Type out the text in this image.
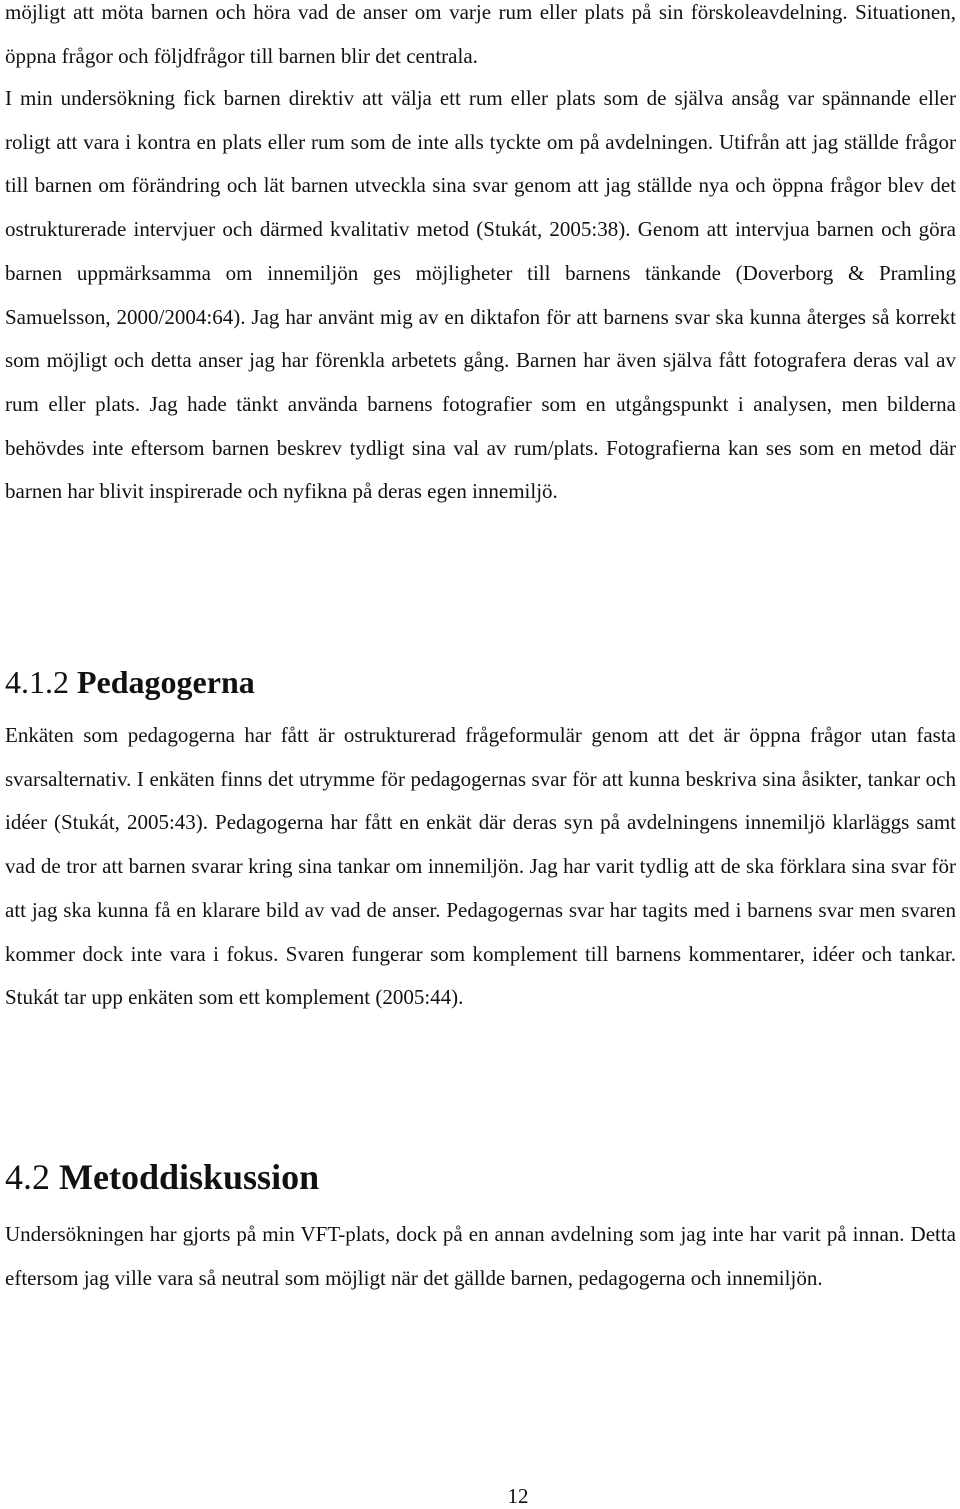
möjligt att möta barnen och höra vad de anser om varje rum eller plats på sin förskoleavdelning. Situationen, öppna frågor och följdfrågor till barnen blir det centrala.

I min undersökning fick barnen direktiv att välja ett rum eller plats som de själva ansåg var spännande eller roligt att vara i kontra en plats eller rum som de inte alls tyckte om på avdelningen. Utifrån att jag ställde frågor till barnen om förändring och lät barnen utveckla sina svar genom att jag ställde nya och öppna frågor blev det ostrukturerade intervjuer och därmed kvalitativ metod (Stukát, 2005:38). Genom att intervjua barnen och göra barnen uppmärksamma om innemiljön ges möjligheter till barnens tänkande (Doverborg & Pramling Samuelsson, 2000/2004:64). Jag har använt mig av en diktafon för att barnens svar ska kunna återges så korrekt som möjligt och detta anser jag har förenkla arbetets gång. Barnen har även själva fått fotografera deras val av rum eller plats. Jag hade tänkt använda barnens fotografier som en utgångspunkt i analysen, men bilderna behövdes inte eftersom barnen beskrev tydligt sina val av rum/plats. Fotografierna kan ses som en metod där barnen har blivit inspirerade och nyfikna på deras egen innemiljö.

4.1.2 Pedagogerna

Enkäten som pedagogerna har fått är ostrukturerad frågeformulär genom att det är öppna frågor utan fasta svarsalternativ. I enkäten finns det utrymme för pedagogernas svar för att kunna beskriva sina åsikter, tankar och idéer (Stukát, 2005:43). Pedagogerna har fått en enkät där deras syn på avdelningens innemiljö klarläggs samt vad de tror att barnen svarar kring sina tankar om innemiljön. Jag har varit tydlig att de ska förklara sina svar för att jag ska kunna få en klarare bild av vad de anser. Pedagogernas svar har tagits med i barnens svar men svaren kommer dock inte vara i fokus. Svaren fungerar som komplement till barnens kommentarer, idéer och tankar. Stukát tar upp enkäten som ett komplement (2005:44).

4.2 Metoddiskussion

Undersökningen har gjorts på min VFT-plats, dock på en annan avdelning som jag inte har varit på innan. Detta eftersom jag ville vara så neutral som möjligt när det gällde barnen, pedagogerna och innemiljön.

12
